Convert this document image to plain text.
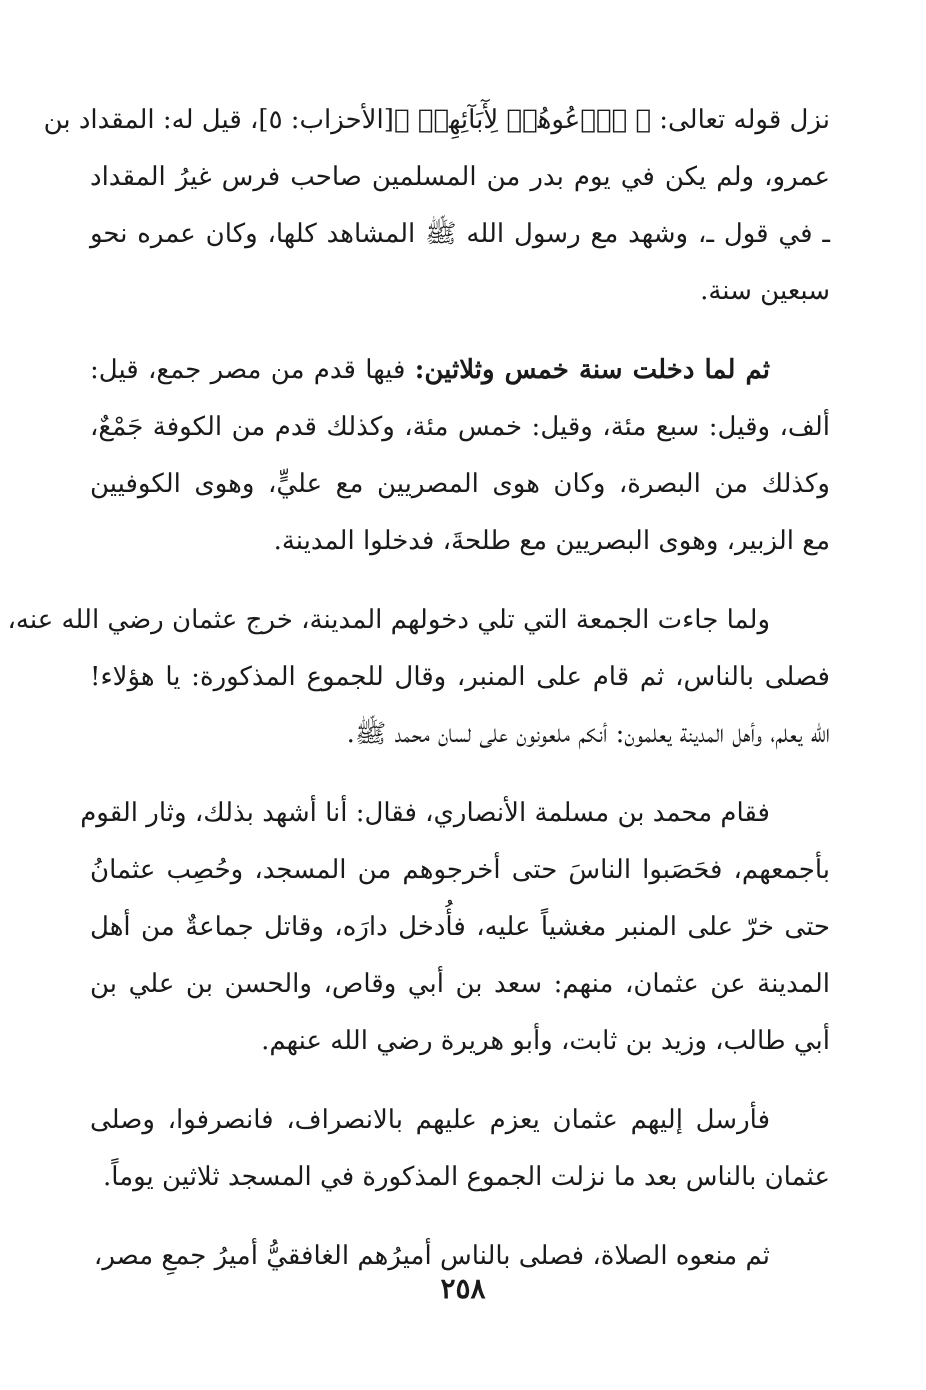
نزل قوله تعالى: ﴿ ٱدۡعُوهُمۡ لِأٓبَآئِهِمۡ ﴾[الأحزاب: ٥]، قيل له: المقداد بن
عمرو، ولم يكن في يوم بدر من المسلمين صاحب فرس غيرُ المقداد
ـ في قول ـ، وشهد مع رسول الله ﷺ المشاهد كلها، وكان عمره نحو
سبعين سنة.

ثم لما دخلت سنة خمس وثلاثين: فيها قدم من مصر جمع، قيل:
ألف، وقيل: سبع مئة، وقيل: خمس مئة، وكذلك قدم من الكوفة جَمْعٌ،
وكذلك من البصرة، وكان هوى المصريين مع عليٍّ، وهوى الكوفيين
مع الزبير، وهوى البصريين مع طلحةَ، فدخلوا المدينة.

ولما جاءت الجمعة التي تلي دخولهم المدينة، خرج عثمان رضي الله عنه،
فصلى بالناس، ثم قام على المنبر، وقال للجموع المذكورة: يا هؤلاء!
الله يعلم، وأهل المدينة يعلمون: أنكم ملعونون على لسان محمد ﷺ.

فقام محمد بن مسلمة الأنصاري، فقال: أنا أشهد بذلك، وثار القوم
بأجمعهم، فحَصَبوا الناسَ حتى أخرجوهم من المسجد، وحُصِب عثمانُ
حتى خرّ على المنبر مغشياً عليه، فأُدخل دارَه، وقاتل جماعةٌ من أهل
المدينة عن عثمان، منهم: سعد بن أبي وقاص، والحسن بن علي بن
أبي طالب، وزيد بن ثابت، وأبو هريرة رضي الله عنهم.

فأرسل إليهم عثمان يعزم عليهم بالانصراف، فانصرفوا، وصلى
عثمان بالناس بعد ما نزلت الجموع المذكورة في المسجد ثلاثين يوماً.

ثم منعوه الصلاة، فصلى بالناس أميرُهم الغافقيُّ أميرُ جمعِ مصر،

٢٥٨
